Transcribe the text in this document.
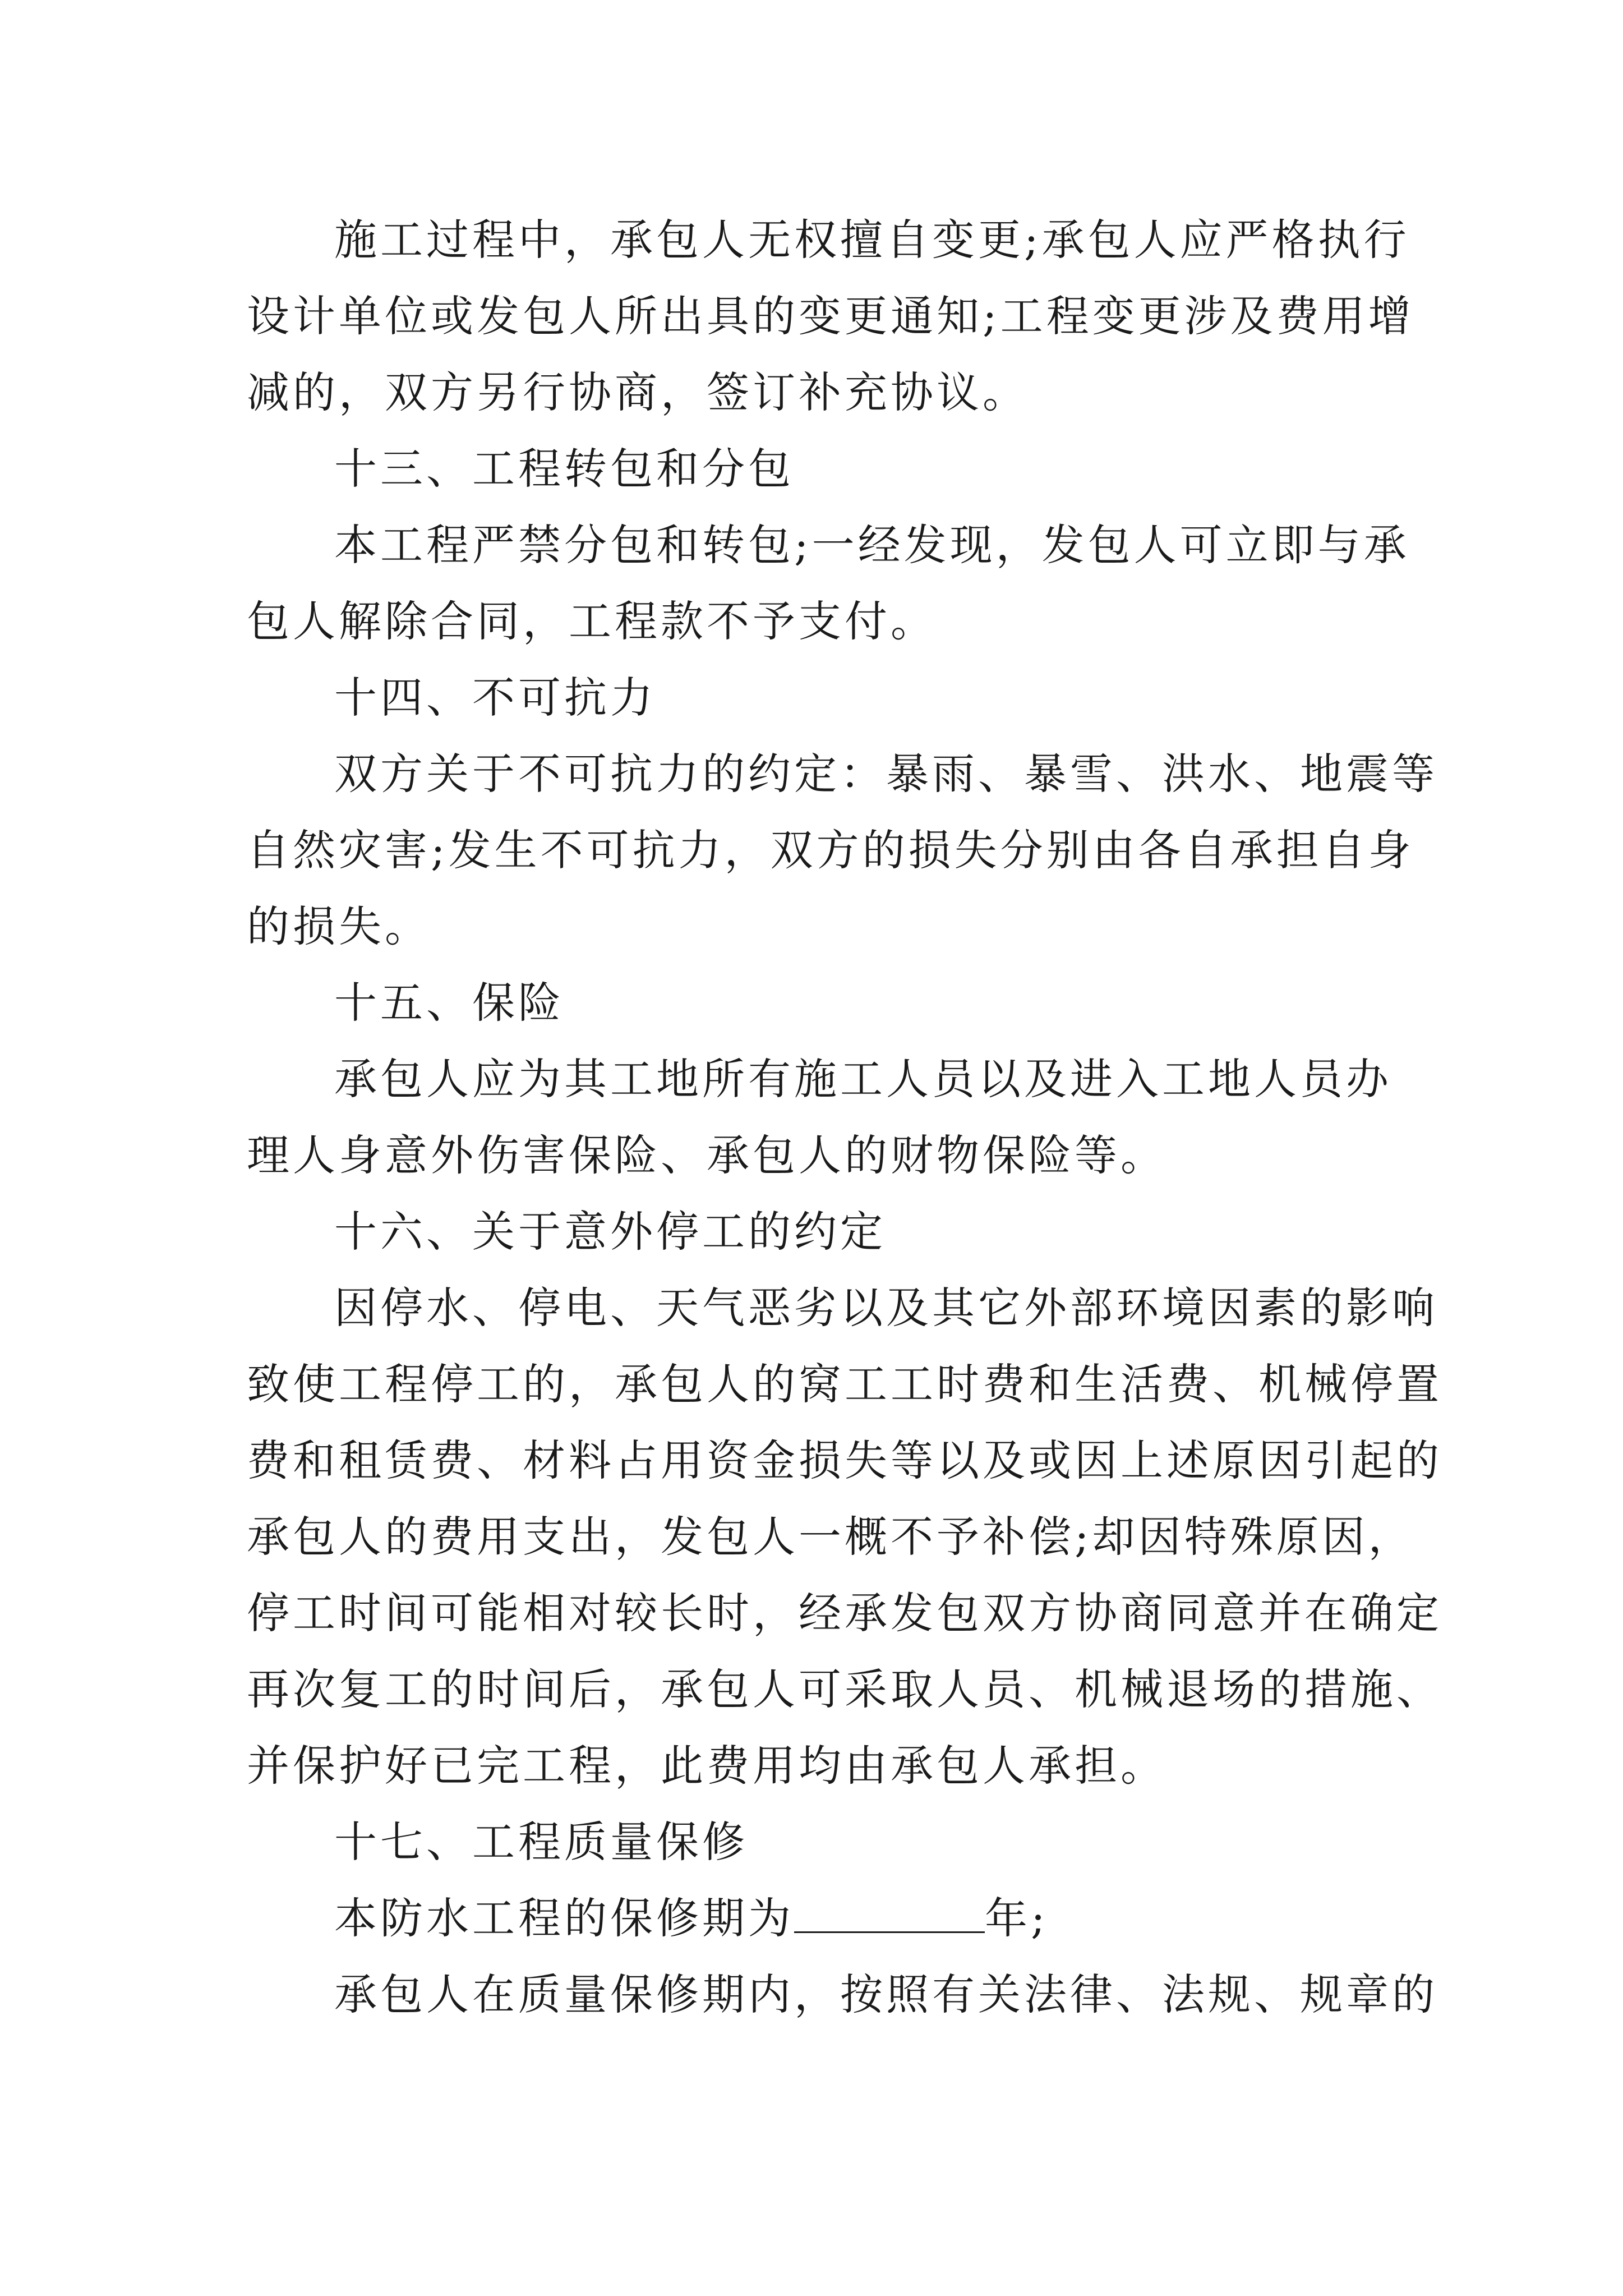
施工过程中，承包人无权擅自变更;承包人应严格执行
设计单位或发包人所出具的变更通知;工程变更涉及费用增
减的，双方另行协商，签订补充协议。
十三、工程转包和分包
本工程严禁分包和转包;一经发现，发包人可立即与承
包人解除合同，工程款不予支付。
十四、不可抗力
双方关于不可抗力的约定：暴雨、暴雪、洪水、地震等
自然灾害;发生不可抗力，双方的损失分别由各自承担自身
的损失。
十五、保险
承包人应为其工地所有施工人员以及进入工地人员办
理人身意外伤害保险、承包人的财物保险等。
十六、关于意外停工的约定
因停水、停电、天气恶劣以及其它外部环境因素的影响
致使工程停工的，承包人的窝工工时费和生活费、机械停置
费和租赁费、材料占用资金损失等以及或因上述原因引起的
承包人的费用支出，发包人一概不予补偿;却因特殊原因，
停工时间可能相对较长时，经承发包双方协商同意并在确定
再次复工的时间后，承包人可采取人员、机械退场的措施、
并保护好已完工程，此费用均由承包人承担。
十七、工程质量保修
本防水工程的保修期为	年;
承包人在质量保修期内，按照有关法律、法规、规章的
